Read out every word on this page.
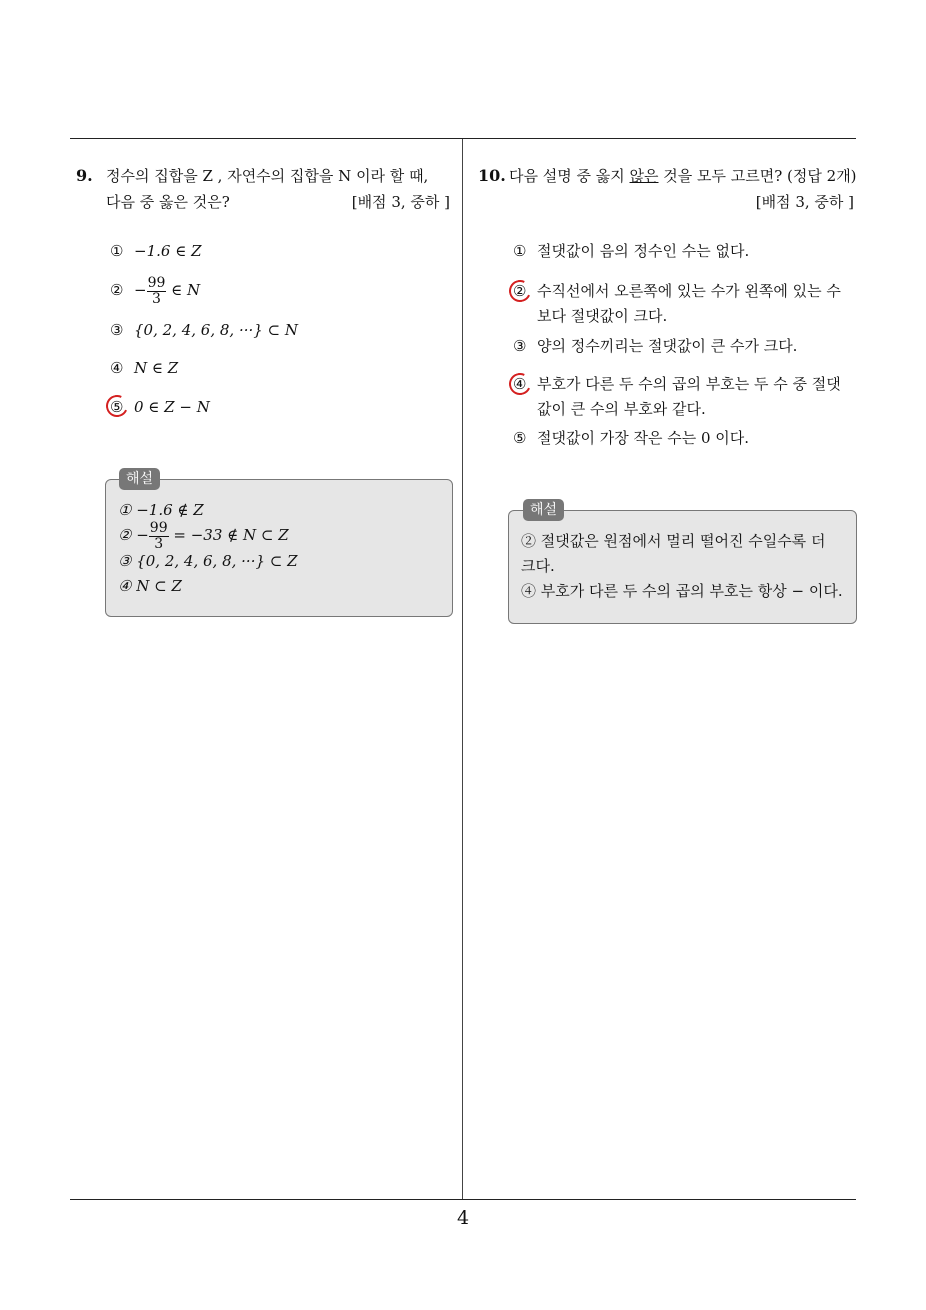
9. 정수의 집합을 Z , 자연수의 집합을 N 이라 할 때,
다음 중 옳은 것은?	[배점 3, 중하 ]
① −1.6 ∈ Z
② − $\frac{99}{3}$ ∈ N
③ {0, 2, 4, 6, 8, ···} ⊂ N
④ N ∈ Z
⑤ 0 ∈ Z − N
① −1.6 ∉ Z
② − $\frac{99}{3} = -33$ ∉ N ⊂ Z
③ {0, 2, 4, 6, 8, ···} ⊂ Z
④ N ⊂ Z
해설
10. 다음 설명 중 옳지 않은 것을 모두 고르면? (정답 2개)
[배점 3, 중하 ]
① 절댓값이 음의 정수인 수는 없다.
② 수직선에서 오른쪽에 있는 수가 왼쪽에 있는 수
보다 절댓값이 크다.
③ 양의 정수끼리는 절댓값이 큰 수가 크다.
④ 부호가 다른 두 수의 곱의 부호는 두 수 중 절댓
값이 큰 수의 부호와 같다.
⑤ 절댓값이 가장 작은 수는 0 이다.
② 절댓값은 원점에서 멀리 떨어진 수일수록 더
크다.
④ 부호가 다른 두 수의 곱의 부호는 항상 − 이다.
해설
4
